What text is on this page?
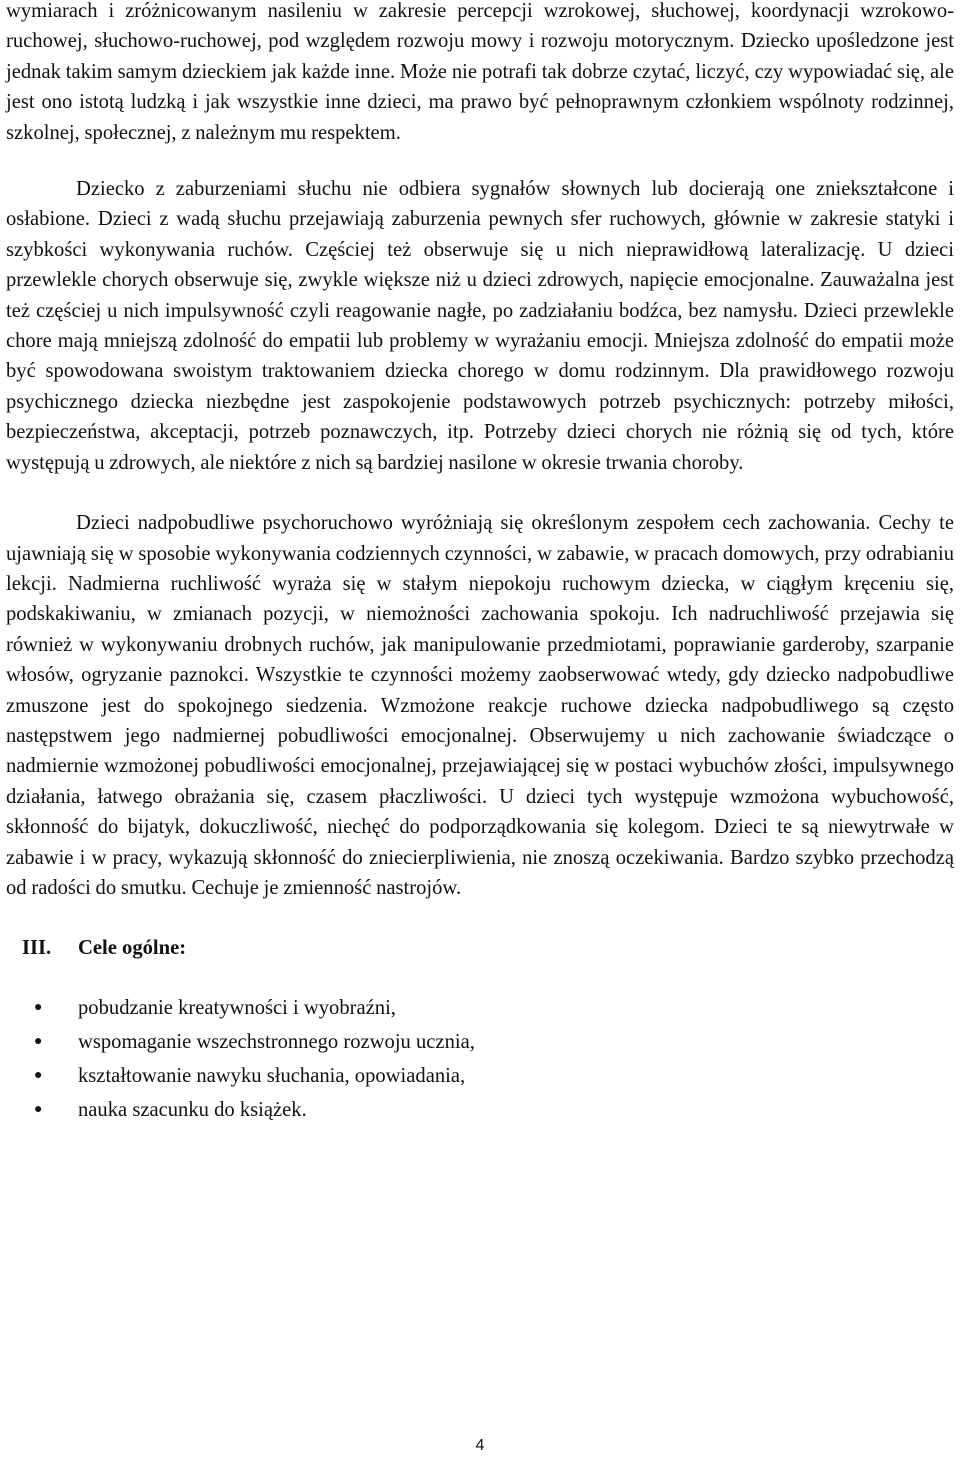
wymiarach i zróżnicowanym nasileniu w zakresie percepcji wzrokowej, słuchowej, koordynacji wzrokowo-ruchowej, słuchowo-ruchowej, pod względem rozwoju mowy i rozwoju motorycznym. Dziecko upośledzone jest jednak takim samym dzieckiem jak każde inne. Może nie potrafi tak dobrze czytać, liczyć, czy wypowiadać się, ale jest ono istotą ludzką i jak wszystkie inne dzieci, ma prawo być pełnoprawnym członkiem wspólnoty rodzinnej, szkolnej, społecznej, z należnym mu respektem.

Dziecko z zaburzeniami słuchu nie odbiera sygnałów słownych lub docierają one zniekształcone i osłabione. Dzieci z wadą słuchu przejawiają zaburzenia pewnych sfer ruchowych, głównie w zakresie statyki i szybkości wykonywania ruchów. Częściej też obserwuje się u nich nieprawidłową lateralizację. U dzieci przewlekle chorych obserwuje się, zwykle większe niż u dzieci zdrowych, napięcie emocjonalne. Zauważalna jest też częściej u nich impulsywność czyli reagowanie nagłe, po zadziałaniu bodźca, bez namysłu. Dzieci przewlekle chore mają mniejszą zdolność do empatii lub problemy w wyrażaniu emocji. Mniejsza zdolność do empatii może być spowodowana swoistym traktowaniem dziecka chorego w domu rodzinnym. Dla prawidłowego rozwoju psychicznego dziecka niezbędne jest zaspokojenie podstawowych potrzeb psychicznych: potrzeby miłości, bezpieczeństwa, akceptacji, potrzeb poznawczych, itp. Potrzeby dzieci chorych nie różnią się od tych, które występują u zdrowych, ale niektóre z nich są bardziej nasilone w okresie trwania choroby.

Dzieci nadpobudliwe psychoruchowo wyróżniają się określonym zespołem cech zachowania. Cechy te ujawniają się w sposobie wykonywania codziennych czynności, w zabawie, w pracach domowych, przy odrabianiu lekcji. Nadmierna ruchliwość wyraża się w stałym niepokoju ruchowym dziecka, w ciągłym kręceniu się, podskakiwaniu, w zmianach pozycji, w niemożności zachowania spokoju. Ich nadruchliwość przejawia się również w wykonywaniu drobnych ruchów, jak manipulowanie przedmiotami, poprawianie garderoby, szarpanie włosów, ogryzanie paznokci. Wszystkie te czynności możemy zaobserwować wtedy, gdy dziecko nadpobudliwe zmuszone jest do spokojnego siedzenia. Wzmożone reakcje ruchowe dziecka nadpobudliwego są często następstwem jego nadmiernej pobudliwości emocjonalnej. Obserwujemy u nich zachowanie świadczące o nadmiernie wzmożonej pobudliwości emocjonalnej, przejawiającej się w postaci wybuchów złości, impulsywnego działania, łatwego obrażania się, czasem płaczliwości. U dzieci tych występuje wzmożona wybuchowość, skłonność do bijatyk, dokuczliwość, niechęć do podporządkowania się kolegom. Dzieci te są niewytrwałe w zabawie i w pracy, wykazują skłonność do zniecierpliwienia, nie znoszą oczekiwania. Bardzo szybko przechodzą od radości do smutku. Cechuje je zmienność nastrojów.

III.	Cele ogólne:
●	pobudzanie kreatywności i wyobraźni,
●	wspomaganie wszechstronnego rozwoju ucznia,
●	kształtowanie nawyku słuchania, opowiadania,
●	nauka szacunku do książek.
4
